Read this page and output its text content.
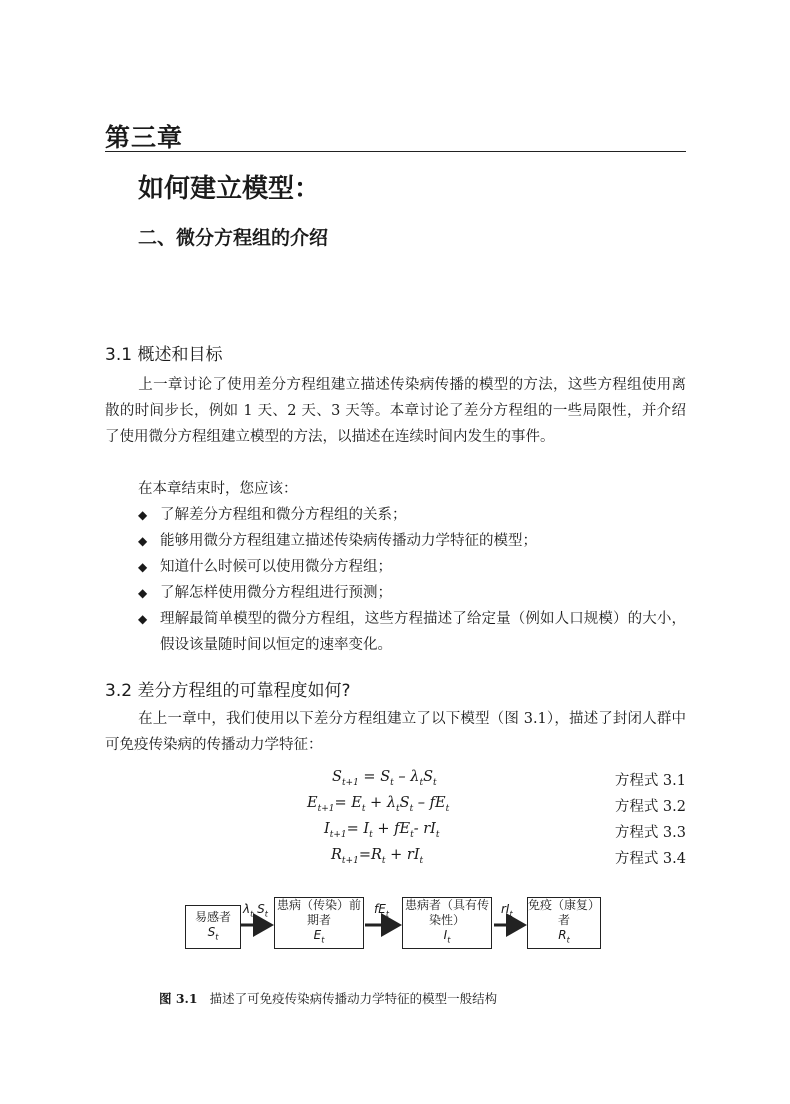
第三章
如何建立模型：
二、微分方程组的介绍
3.1 概述和目标
上一章讨论了使用差分方程组建立描述传染病传播的模型的方法，这些方程组使用离散的时间步长，例如 1 天、2 天、3 天等。本章讨论了差分方程组的一些局限性，并介绍了使用微分方程组建立模型的方法，以描述在连续时间内发生的事件。
在本章结束时，您应该：
◆ 了解差分方程组和微分方程组的关系；
◆ 能够用微分方程组建立描述传染病传播动力学特征的模型；
◆ 知道什么时候可以使用微分方程组；
◆ 了解怎样使用微分方程组进行预测；
◆ 理解最简单模型的微分方程组，这些方程描述了给定量（例如人口规模）的大小，假设该量随时间以恒定的速率变化。
3.2 差分方程组的可靠程度如何?
在上一章中，我们使用以下差分方程组建立了以下模型（图 3.1），描述了封闭人群中可免疫传染病的传播动力学特征：
$S_{t+1} = S_t - \lambda_tS_t$	方程式 3.1
$E_{t+1}= E_t + \lambda_tS_t - fE_t$	方程式 3.2
$I_{t+1}= I_t + fE_t-$ $rI_t$	方程式 3.3
$R_{t+1}=R_t + rI_t$	方程式 3.4
易感者
$S_t$
$\lambda_t$ $S_t$
患病（传染）前期者
$E_t$
$fE_t$
患病者（具有传染性）
$I_t$
$rI_t$
免疫（康复）者
$R_t$
图 3.1 描述了可免疫传染病传播动力学特征的模型一般结构
